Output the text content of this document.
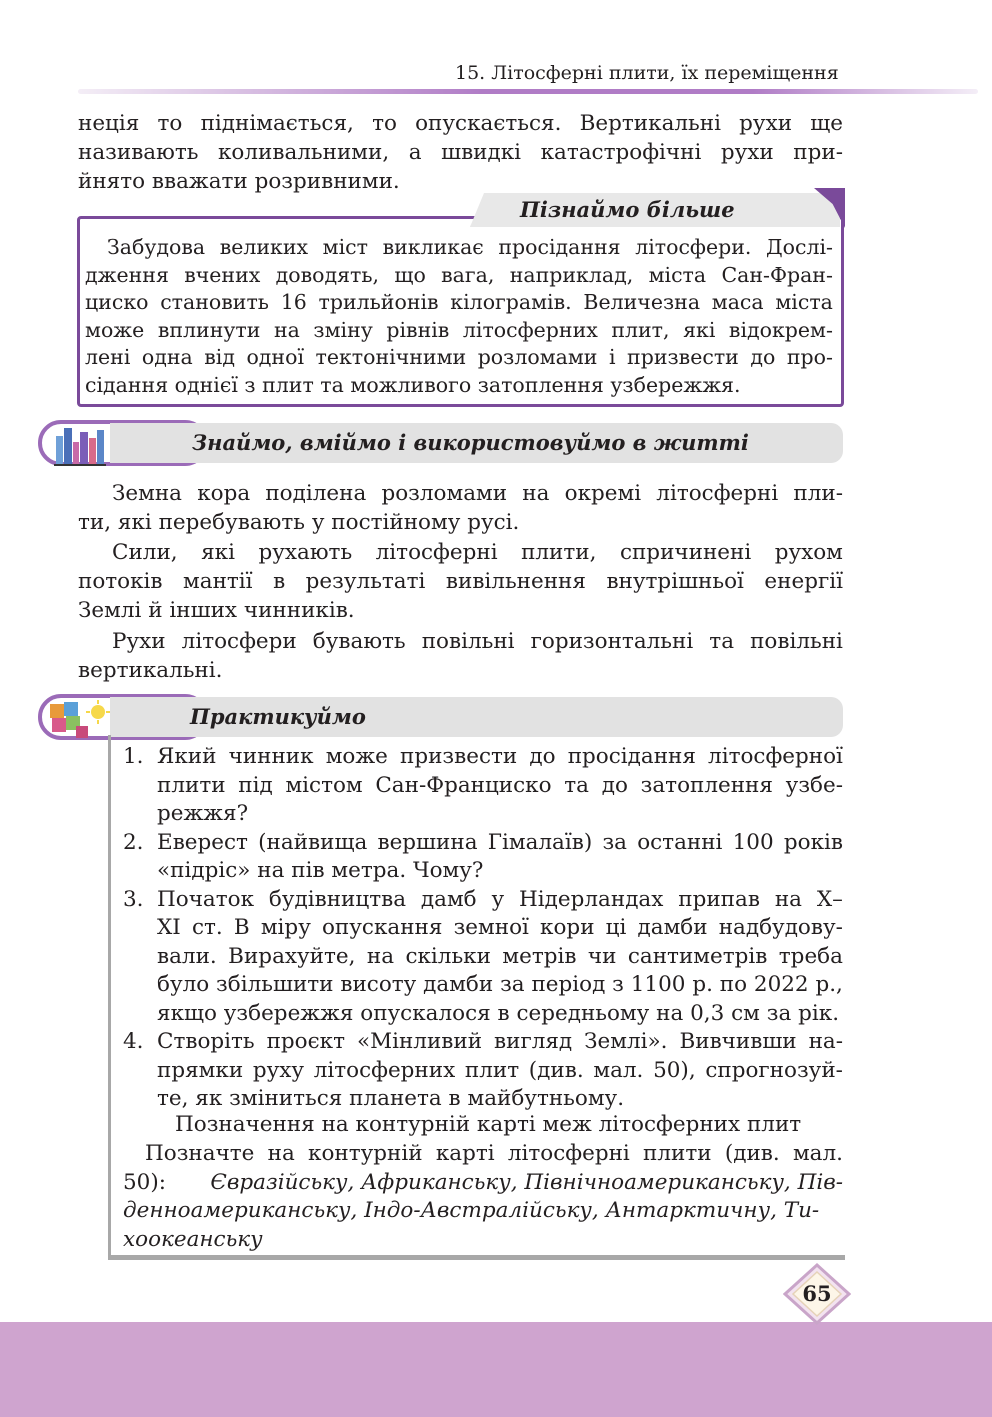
15. Літосферні плити, їх переміщення
неція то піднімається, то опускається. Вертикальні рухи ще
називають коливальними, а швидкі катастрофічні рухи при-
йнято вважати розривними.
Пізнаймо більше
Забудова великих міст викликає просідання літосфери. Дослі-
дження вчених доводять, що вага, наприклад, міста Сан-Фран-
циско становить 16 трильйонів кілограмів. Величезна маса міста
може вплинути на зміну рівнів літосферних плит, які відокрем-
лені одна від одної тектонічними розломами і призвести до про-
сідання однієї з плит та можливого затоплення узбережжя.
Знаймо, вміймо і використовуймо в житті
Земна кора поділена розломами на окремі літосферні пли-
ти, які перебувають у постійному русі.
Сили, які рухають літосферні плити, спричинені рухом
потоків мантії в результаті вивільнення внутрішньої енергії
Землі й інших чинників.
Рухи літосфери бувають повільні горизонтальні та повільні
вертикальні.
Практикуймо
1. Який чинник може призвести до просідання літосферної
плити під містом Сан-Франциско та до затоплення узбе-
режжя?
2. Еверест (найвища вершина Гімалаїв) за останні 100 років
«підріс» на пів метра. Чому?
3. Початок будівництва дамб у Нідерландах припав на Х–
ХІ ст. В міру опускання земної кори ці дамби надбудову-
вали. Вирахуйте, на скільки метрів чи сантиметрів треба
було збільшити висоту дамби за період з 1100 р. по 2022 р.,
якщо узбережжя опускалося в середньому на 0,3 см за рік.
4. Створіть проєкт «Мінливий вигляд Землі». Вивчивши на-
прямки руху літосферних плит (див. мал. 50), спрогнозуй-
те, як зміниться планета в майбутньому.
Позначення на контурній карті меж літосферних плит
Позначте на контурній карті літосферні плити (див. мал.
50): Євразійську, Африканську, Північноамериканську, Пів-
денноамериканську, Індо-Австралійську, Антарктичну, Ти-
хоокеанську
65
